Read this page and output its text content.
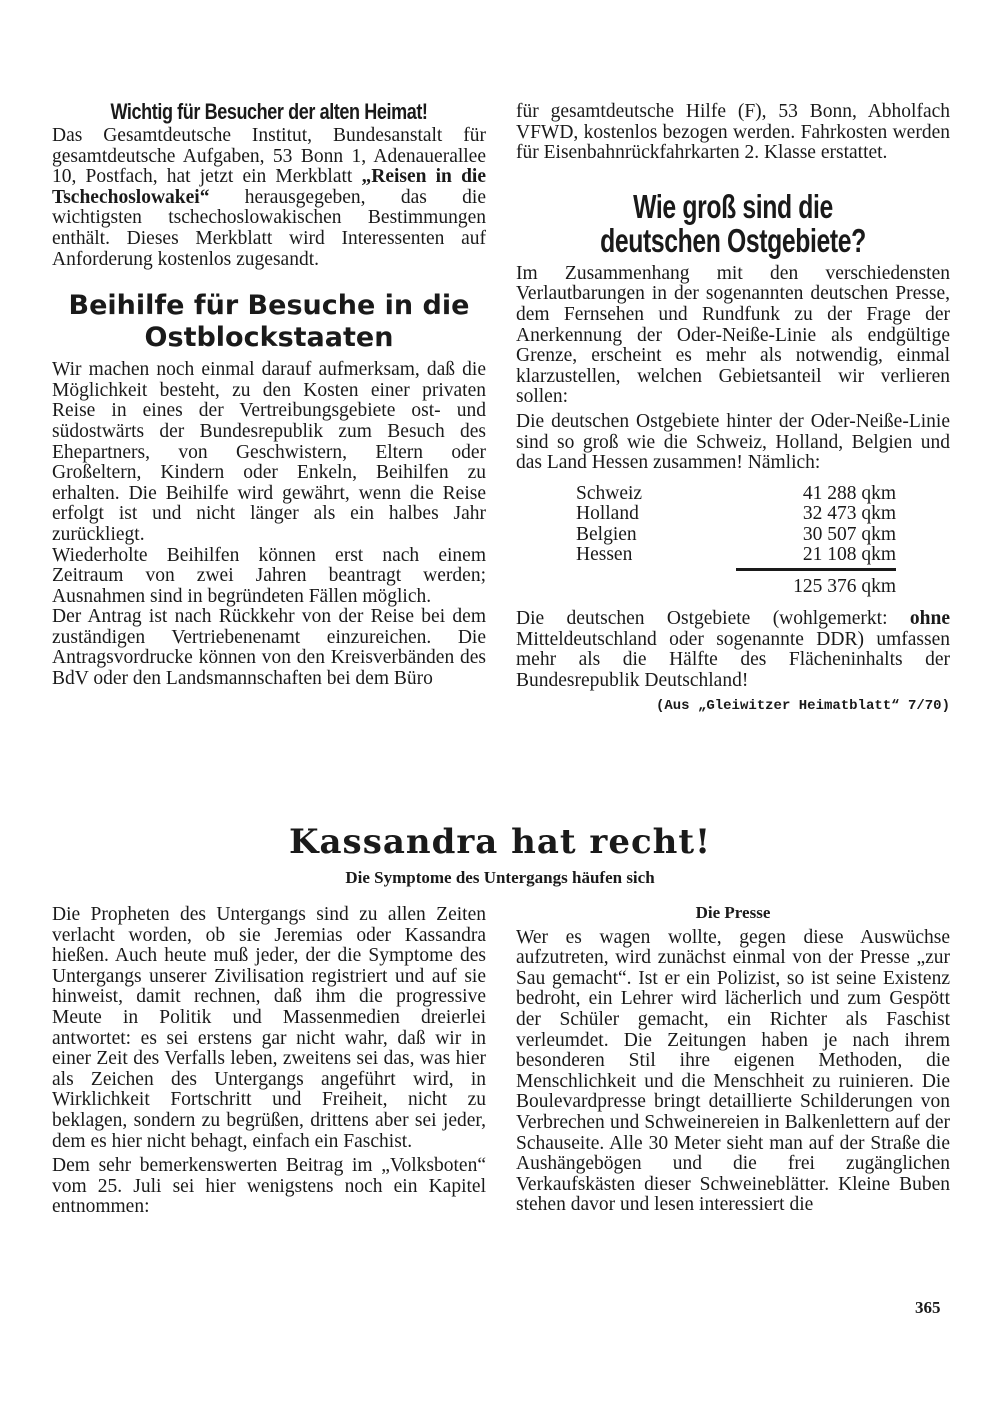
Wichtig für Besucher der alten Heimat!

Das Gesamtdeutsche Institut, Bundesanstalt für gesamtdeutsche Aufgaben, 53 Bonn 1, Adenauerallee 10, Postfach, hat jetzt ein Merkblatt „Reisen in die Tschechoslowakei“ herausgegeben, das die wichtigsten tschechoslowakischen Bestimmungen enthält. Dieses Merkblatt wird Interessenten auf Anforderung kostenlos zugesandt.

Beihilfe für Besuche in die Ostblockstaaten

Wir machen noch einmal darauf aufmerksam, daß die Möglichkeit besteht, zu den Kosten einer privaten Reise in eines der Vertreibungsgebiete ost- und südostwärts der Bundesrepublik zum Besuch des Ehepartners, von Geschwistern, Eltern oder Großeltern, Kindern oder Enkeln, Beihilfen zu erhalten. Die Beihilfe wird gewährt, wenn die Reise erfolgt ist und nicht länger als ein halbes Jahr zurückliegt.

Wiederholte Beihilfen können erst nach einem Zeitraum von zwei Jahren beantragt werden; Ausnahmen sind in begründeten Fällen möglich.

Der Antrag ist nach Rückkehr von der Reise bei dem zuständigen Vertriebenenamt einzureichen. Die Antragsvordrucke können von den Kreisverbänden des BdV oder den Landsmannschaften bei dem Büro

für gesamtdeutsche Hilfe (F), 53 Bonn, Abholfach VFWD, kostenlos bezogen werden. Fahrkosten werden für Eisenbahnrückfahrkarten 2. Klasse erstattet.

Wie groß sind die deutschen Ostgebiete?

Im Zusammenhang mit den verschiedensten Verlautbarungen in der sogenannten deutschen Presse, dem Fernsehen und Rundfunk zu der Frage der Anerkennung der Oder-Neiße-Linie als endgültige Grenze, erscheint es mehr als notwendig, einmal klarzustellen, welchen Gebietsanteil wir verlieren sollen:

Die deutschen Ostgebiete hinter der Oder-Neiße-Linie sind so groß wie die Schweiz, Holland, Belgien und das Land Hessen zusammen! Nämlich:

Schweiz	41 288 qkm
Holland	32 473 qkm
Belgien	30 507 qkm
Hessen	21 108 qkm
125 376 qkm

Die deutschen Ostgebiete (wohlgemerkt: ohne Mitteldeutschland oder sogenannte DDR) umfassen mehr als die Hälfte des Flächeninhalts der Bundesrepublik Deutschland!

(Aus „Gleiwitzer Heimatblatt“ 7/70)
Kassandra hat recht!
Die Symptome des Untergangs häufen sich

Die Propheten des Untergangs sind zu allen Zeiten verlacht worden, ob sie Jeremias oder Kassandra hießen. Auch heute muß jeder, der die Symptome des Untergangs unserer Zivilisation registriert und auf sie hinweist, damit rechnen, daß ihm die progressive Meute in Politik und Massenmedien dreierlei antwortet: es sei erstens gar nicht wahr, daß wir in einer Zeit des Verfalls leben, zweitens sei das, was hier als Zeichen des Untergangs angeführt wird, in Wirklichkeit Fortschritt und Freiheit, nicht zu beklagen, sondern zu begrüßen, drittens aber sei jeder, dem es hier nicht behagt, einfach ein Faschist.

Dem sehr bemerkenswerten Beitrag im „Volksboten“ vom 25. Juli sei hier wenigstens noch ein Kapitel entnommen:

Die Presse

Wer es wagen wollte, gegen diese Auswüchse aufzutreten, wird zunächst einmal von der Presse „zur Sau gemacht“. Ist er ein Polizist, so ist seine Existenz bedroht, ein Lehrer wird lächerlich und zum Gespött der Schüler gemacht, ein Richter als Faschist verleumdet. Die Zeitungen haben je nach ihrem besonderen Stil ihre eigenen Methoden, die Menschlichkeit und die Menschheit zu ruinieren. Die Boulevardpresse bringt detaillierte Schilderungen von Verbrechen und Schweinereien in Balkenlettern auf der Schauseite. Alle 30 Meter sieht man auf der Straße die Aushängebögen und die frei zugänglichen Verkaufskästen dieser Schweineblätter. Kleine Buben stehen davor und lesen interessiert die

365
